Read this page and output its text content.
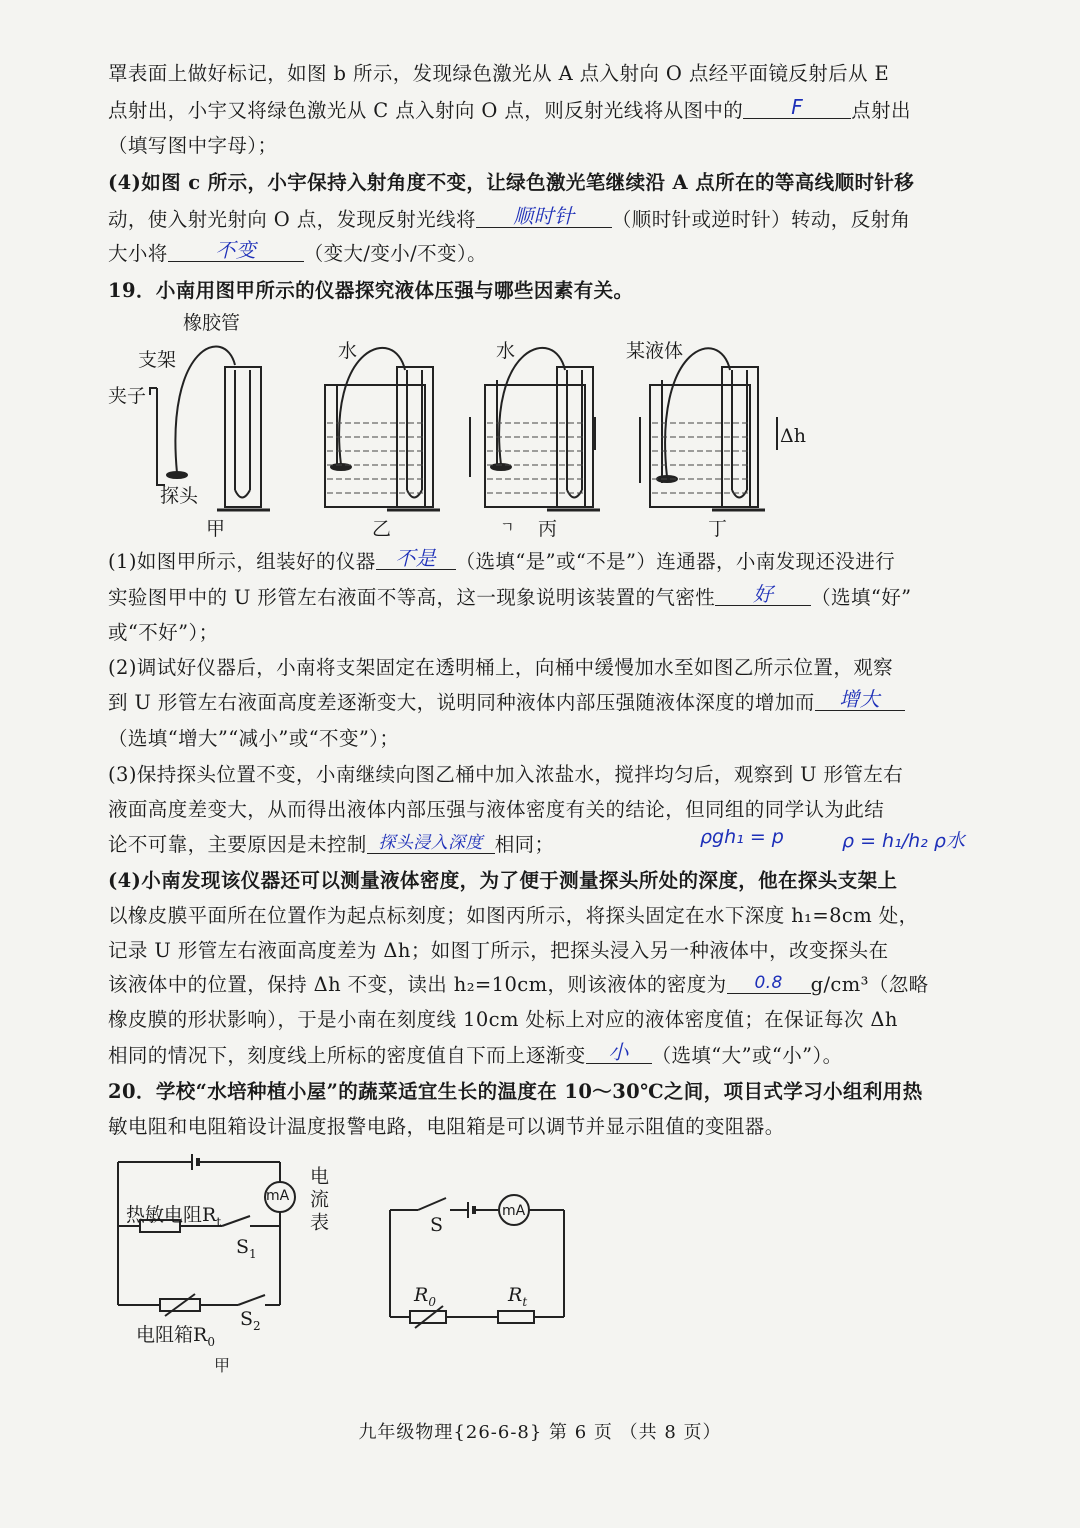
罩表面上做好标记，如图 b 所示，发现绿色激光从 A 点入射向 O 点经平面镜反射后从 E
点射出，小宇又将绿色激光从 C 点入射向 O 点，则反射光线将从图中的 F 点射出
（填写图中字母）；
(4)如图 c 所示，小宇保持入射角度不变，让绿色激光笔继续沿 A 点所在的等高线顺时针移
动，使入射光射向 O 点，发现反射光线将 顺时针 （顺时针或逆时针）转动，反射角
大小将 不变 （变大/变小/不变）。
19．小南用图甲所示的仪器探究液体压强与哪些因素有关。
橡胶管
支架
夹子
探头
水	水	某液体
Δh
甲	乙	ㄱ 丙	丁
(1)如图甲所示，组装好的仪器 不是 （选填“是”或“不是”）连通器，小南发现还没进行
实验图甲中的 U 形管左右液面不等高，这一现象说明该装置的气密性 好 （选填“好”
或“不好”）；
(2)调试好仪器后，小南将支架固定在透明桶上，向桶中缓慢加水至如图乙所示位置，观察
到 U 形管左右液面高度差逐渐变大，说明同种液体内部压强随液体深度的增加而 增大
（选填“增大”“减小”或“不变”）；
(3)保持探头位置不变，小南继续向图乙桶中加入浓盐水，搅拌均匀后，观察到 U 形管左右
液面高度差变大，从而得出液体内部压强与液体密度有关的结论，但同组的同学认为此结
论不可靠，主要原因是未控制 探头浸入深度 相同；	ρgh₁ = p	ρ = h₁/h₂ ρ水
(4)小南发现该仪器还可以测量液体密度，为了便于测量探头所处的深度，他在探头支架上
以橡皮膜平面所在位置作为起点标刻度；如图丙所示，将探头固定在水下深度 h₁=8cm 处，
记录 U 形管左右液面高度差为 Δh；如图丁所示，把探头浸入另一种液体中，改变探头在
该液体中的位置，保持 Δh 不变，读出 h₂=10cm，则该液体的密度为 0.8 g/cm³（忽略
橡皮膜的形状影响），于是小南在刻度线 10cm 处标上对应的液体密度值；在保证每次 Δh
相同的情况下，刻度线上所标的密度值自下而上逐渐变 小 （选填“大”或“小”）。
20．学校“水培种植小屋”的蔬菜适宜生长的温度在 10～30℃之间，项目式学习小组利用热
敏电阻和电阻箱设计温度报警电路，电阻箱是可以调节并显示阻值的变阻器。
mA 电流表
热敏电阻$R_t$
$S_1$
$S_2$
电阻箱$R_0$
甲
mA
S
$R_0$	$R_t$
九年级物理{26-6-8} 第 6 页 （共 8 页）
